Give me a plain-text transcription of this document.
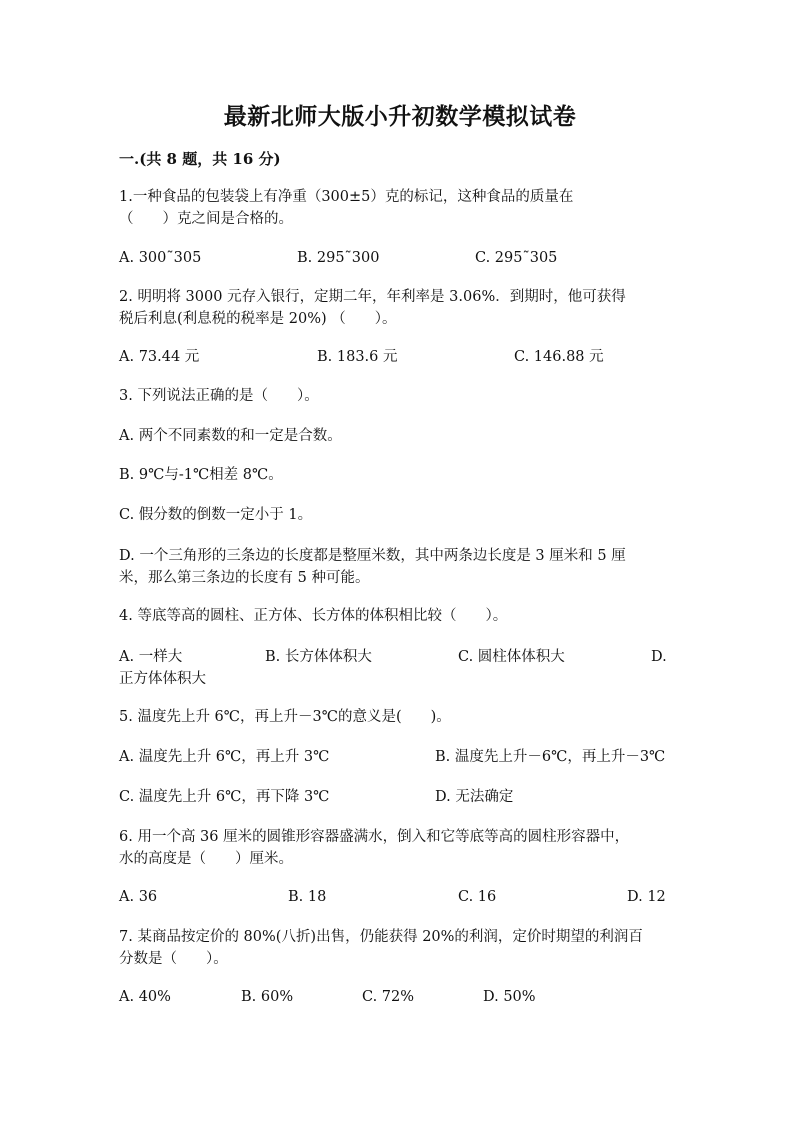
最新北师大版小升初数学模拟试卷
一.(共 8 题，共 16 分)
1.一种食品的包装袋上有净重（300±5）克的标记，这种食品的质量在
（　　）克之间是合格的。
A. 300˜305	B. 295˜300	C. 295˜305
2. 明明将 3000 元存入银行，定期二年，年利率是 3.06%．到期时，他可获得
税后利息(利息税的税率是 20%) （　　）。
A. 73.44 元	B. 183.6 元	C. 146.88 元
3. 下列说法正确的是（　　）。
A. 两个不同素数的和一定是合数。
B. 9℃与-1℃相差 8℃。
C. 假分数的倒数一定小于 1。
D. 一个三角形的三条边的长度都是整厘米数，其中两条边长度是 3 厘米和 5 厘
米，那么第三条边的长度有 5 种可能。
4. 等底等高的圆柱、正方体、长方体的体积相比较（　　）。
A. 一样大	B. 长方体体积大	C. 圆柱体体积大	D.
正方体体积大
5. 温度先上升 6℃，再上升－3℃的意义是(　　)。
A. 温度先上升 6℃，再上升 3℃	B. 温度先上升－6℃，再上升－3℃
C. 温度先上升 6℃，再下降 3℃	D. 无法确定
6. 用一个高 36 厘米的圆锥形容器盛满水，倒入和它等底等高的圆柱形容器中，
水的高度是（　　）厘米。
A. 36	B. 18	C. 16	D. 12
7. 某商品按定价的 80%(八折)出售，仍能获得 20%的利润，定价时期望的利润百
分数是（　　）。
A. 40%	B. 60%	C. 72%	D. 50%
